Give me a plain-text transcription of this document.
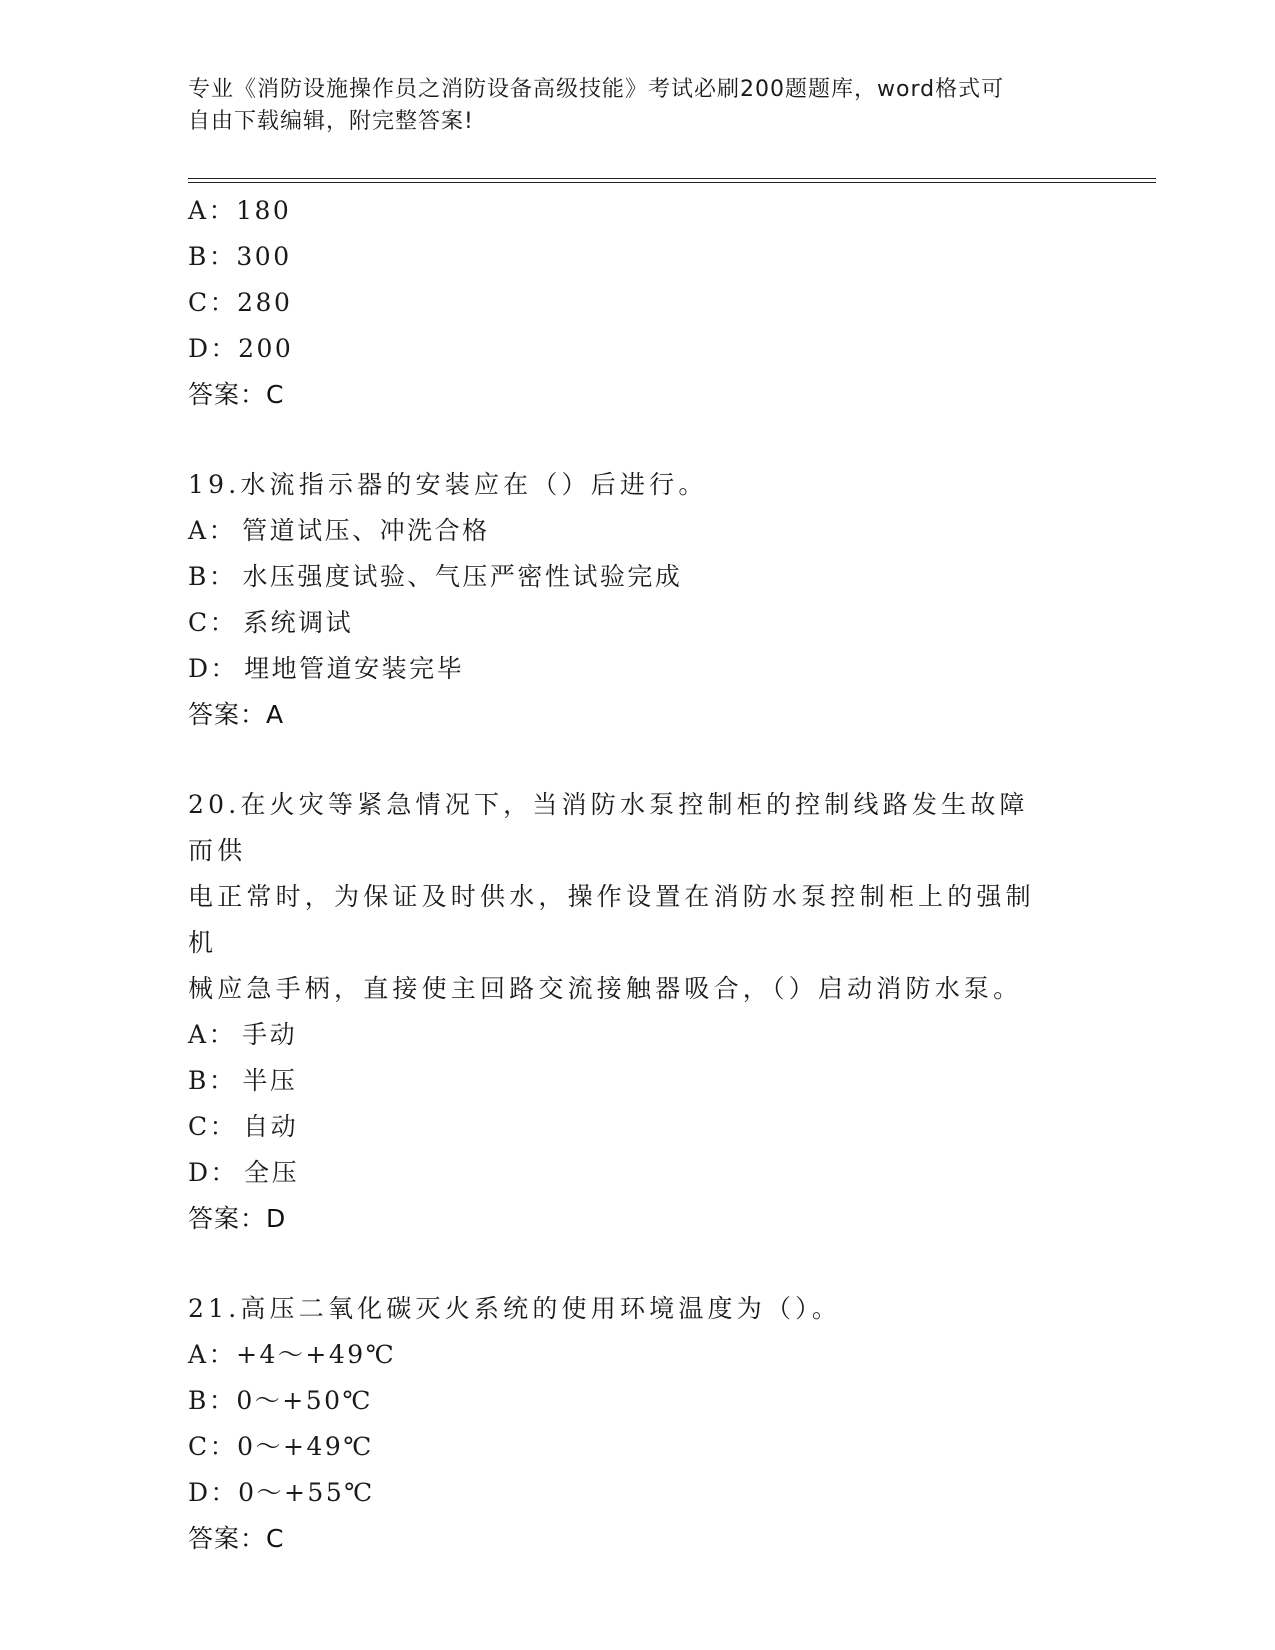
专业《消防设施操作员之消防设备高级技能》考试必刷200题题库，word格式可
自由下载编辑，附完整答案!
A：180
B：300
C：280
D：200
答案：C
19.水流指示器的安装应在（）后进行。
A： 管道试压、冲洗合格
B： 水压强度试验、气压严密性试验完成
C： 系统调试
D： 埋地管道安装完毕
答案：A
20.在火灾等紧急情况下，当消防水泵控制柜的控制线路发生故障而供
电正常时，为保证及时供水，操作设置在消防水泵控制柜上的强制机
械应急手柄，直接使主回路交流接触器吸合，（）启动消防水泵。
A： 手动
B： 半压
C： 自动
D： 全压
答案：D
21.高压二氧化碳灭火系统的使用环境温度为（）。
A：+4～+49℃
B：0～+50℃
C：0～+49℃
D：0～+55℃
答案：C
